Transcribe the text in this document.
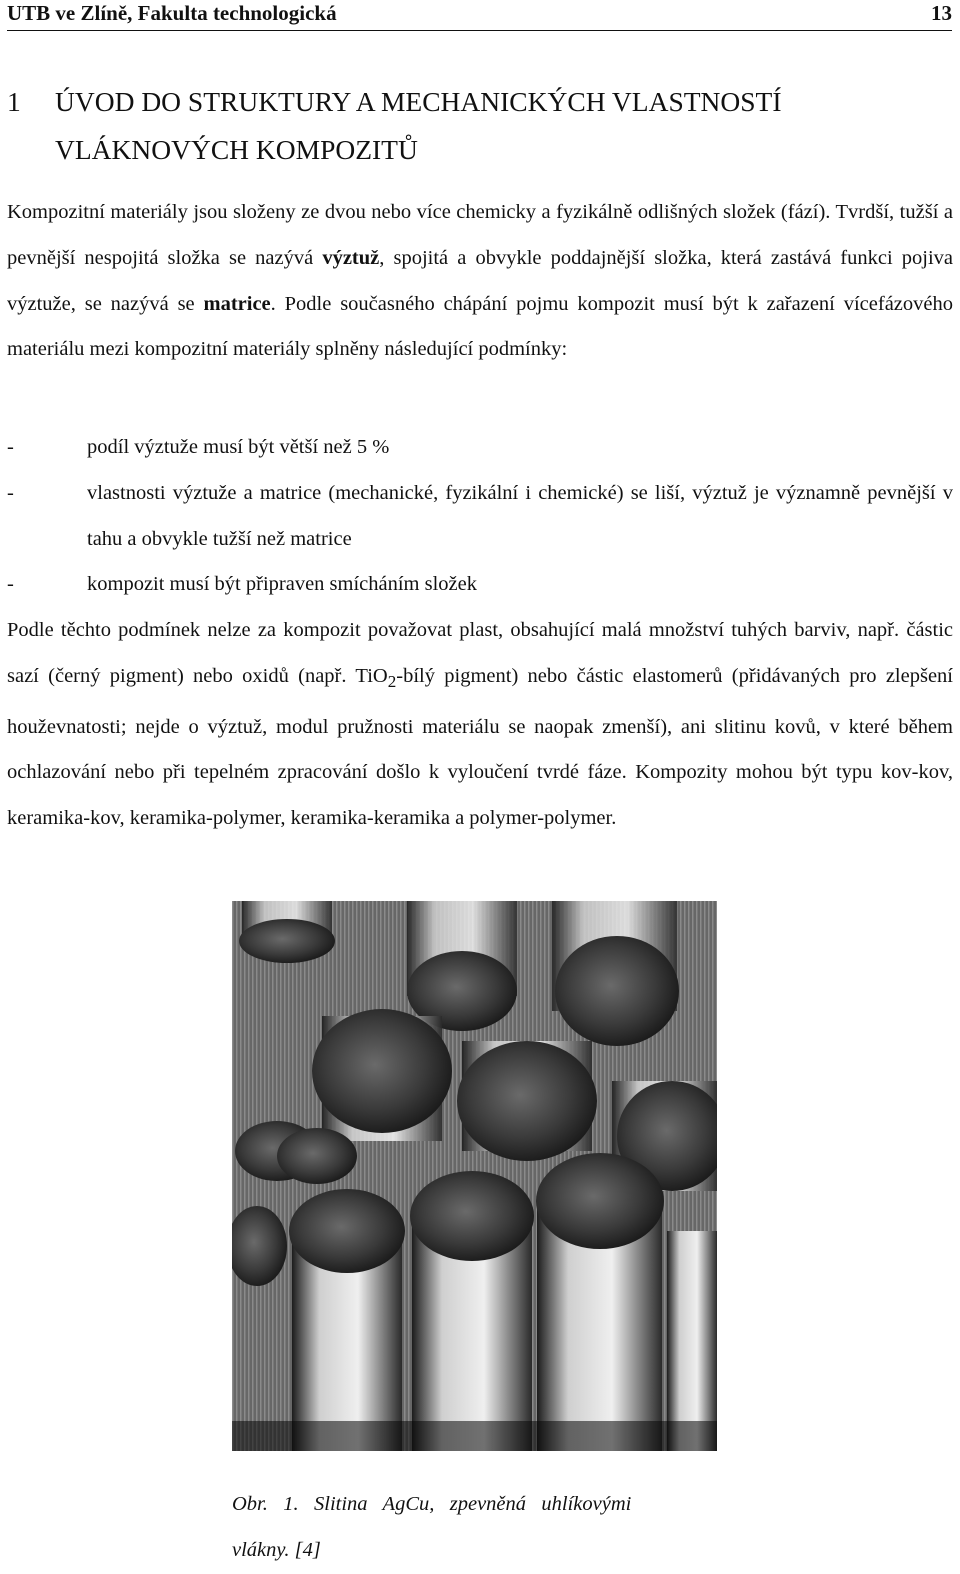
UTB ve Zlíně, Fakulta technologická	13
1 ÚVOD DO STRUKTURY A MECHANICKÝCH VLASTNOSTÍ
VLÁKNOVÝCH KOMPOZITŮ

Kompozitní materiály jsou složeny ze dvou nebo více chemicky a fyzikálně odlišných složek (fází). Tvrdší, tužší a pevnější nespojitá složka se nazývá výztuž, spojitá a obvykle poddajnější složka, která zastává funkci pojiva výztuže, se nazývá se matrice. Podle současného chápání pojmu kompozit musí být k zařazení vícefázového materiálu mezi kompozitní materiály splněny následující podmínky:

-	podíl výztuže musí být větší než 5 %
-	vlastnosti výztuže a matrice (mechanické, fyzikální i chemické) se liší, výztuž je významně pevnější v tahu a obvykle tužší než matrice
-	kompozit musí být připraven smícháním složek

Podle těchto podmínek nelze za kompozit považovat plast, obsahující malá množství tuhých barviv, např. částic sazí (černý pigment) nebo oxidů (např. TiO$_2$-bílý pigment) nebo částic elastomerů (přidávaných pro zlepšení houževnatosti; nejde o výztuž, modul pružnosti materiálu se naopak zmenší), ani slitinu kovů, v které během ochlazování nebo při tepelném zpracování došlo k vyloučení tvrdé fáze. Kompozity mohou být typu kov-kov, keramika-kov, keramika-polymer, keramika-keramika a polymer-polymer.

Obr.   1.   Slitina   AgCu,   zpevněná   uhlíkovými
vlákny. [4]
